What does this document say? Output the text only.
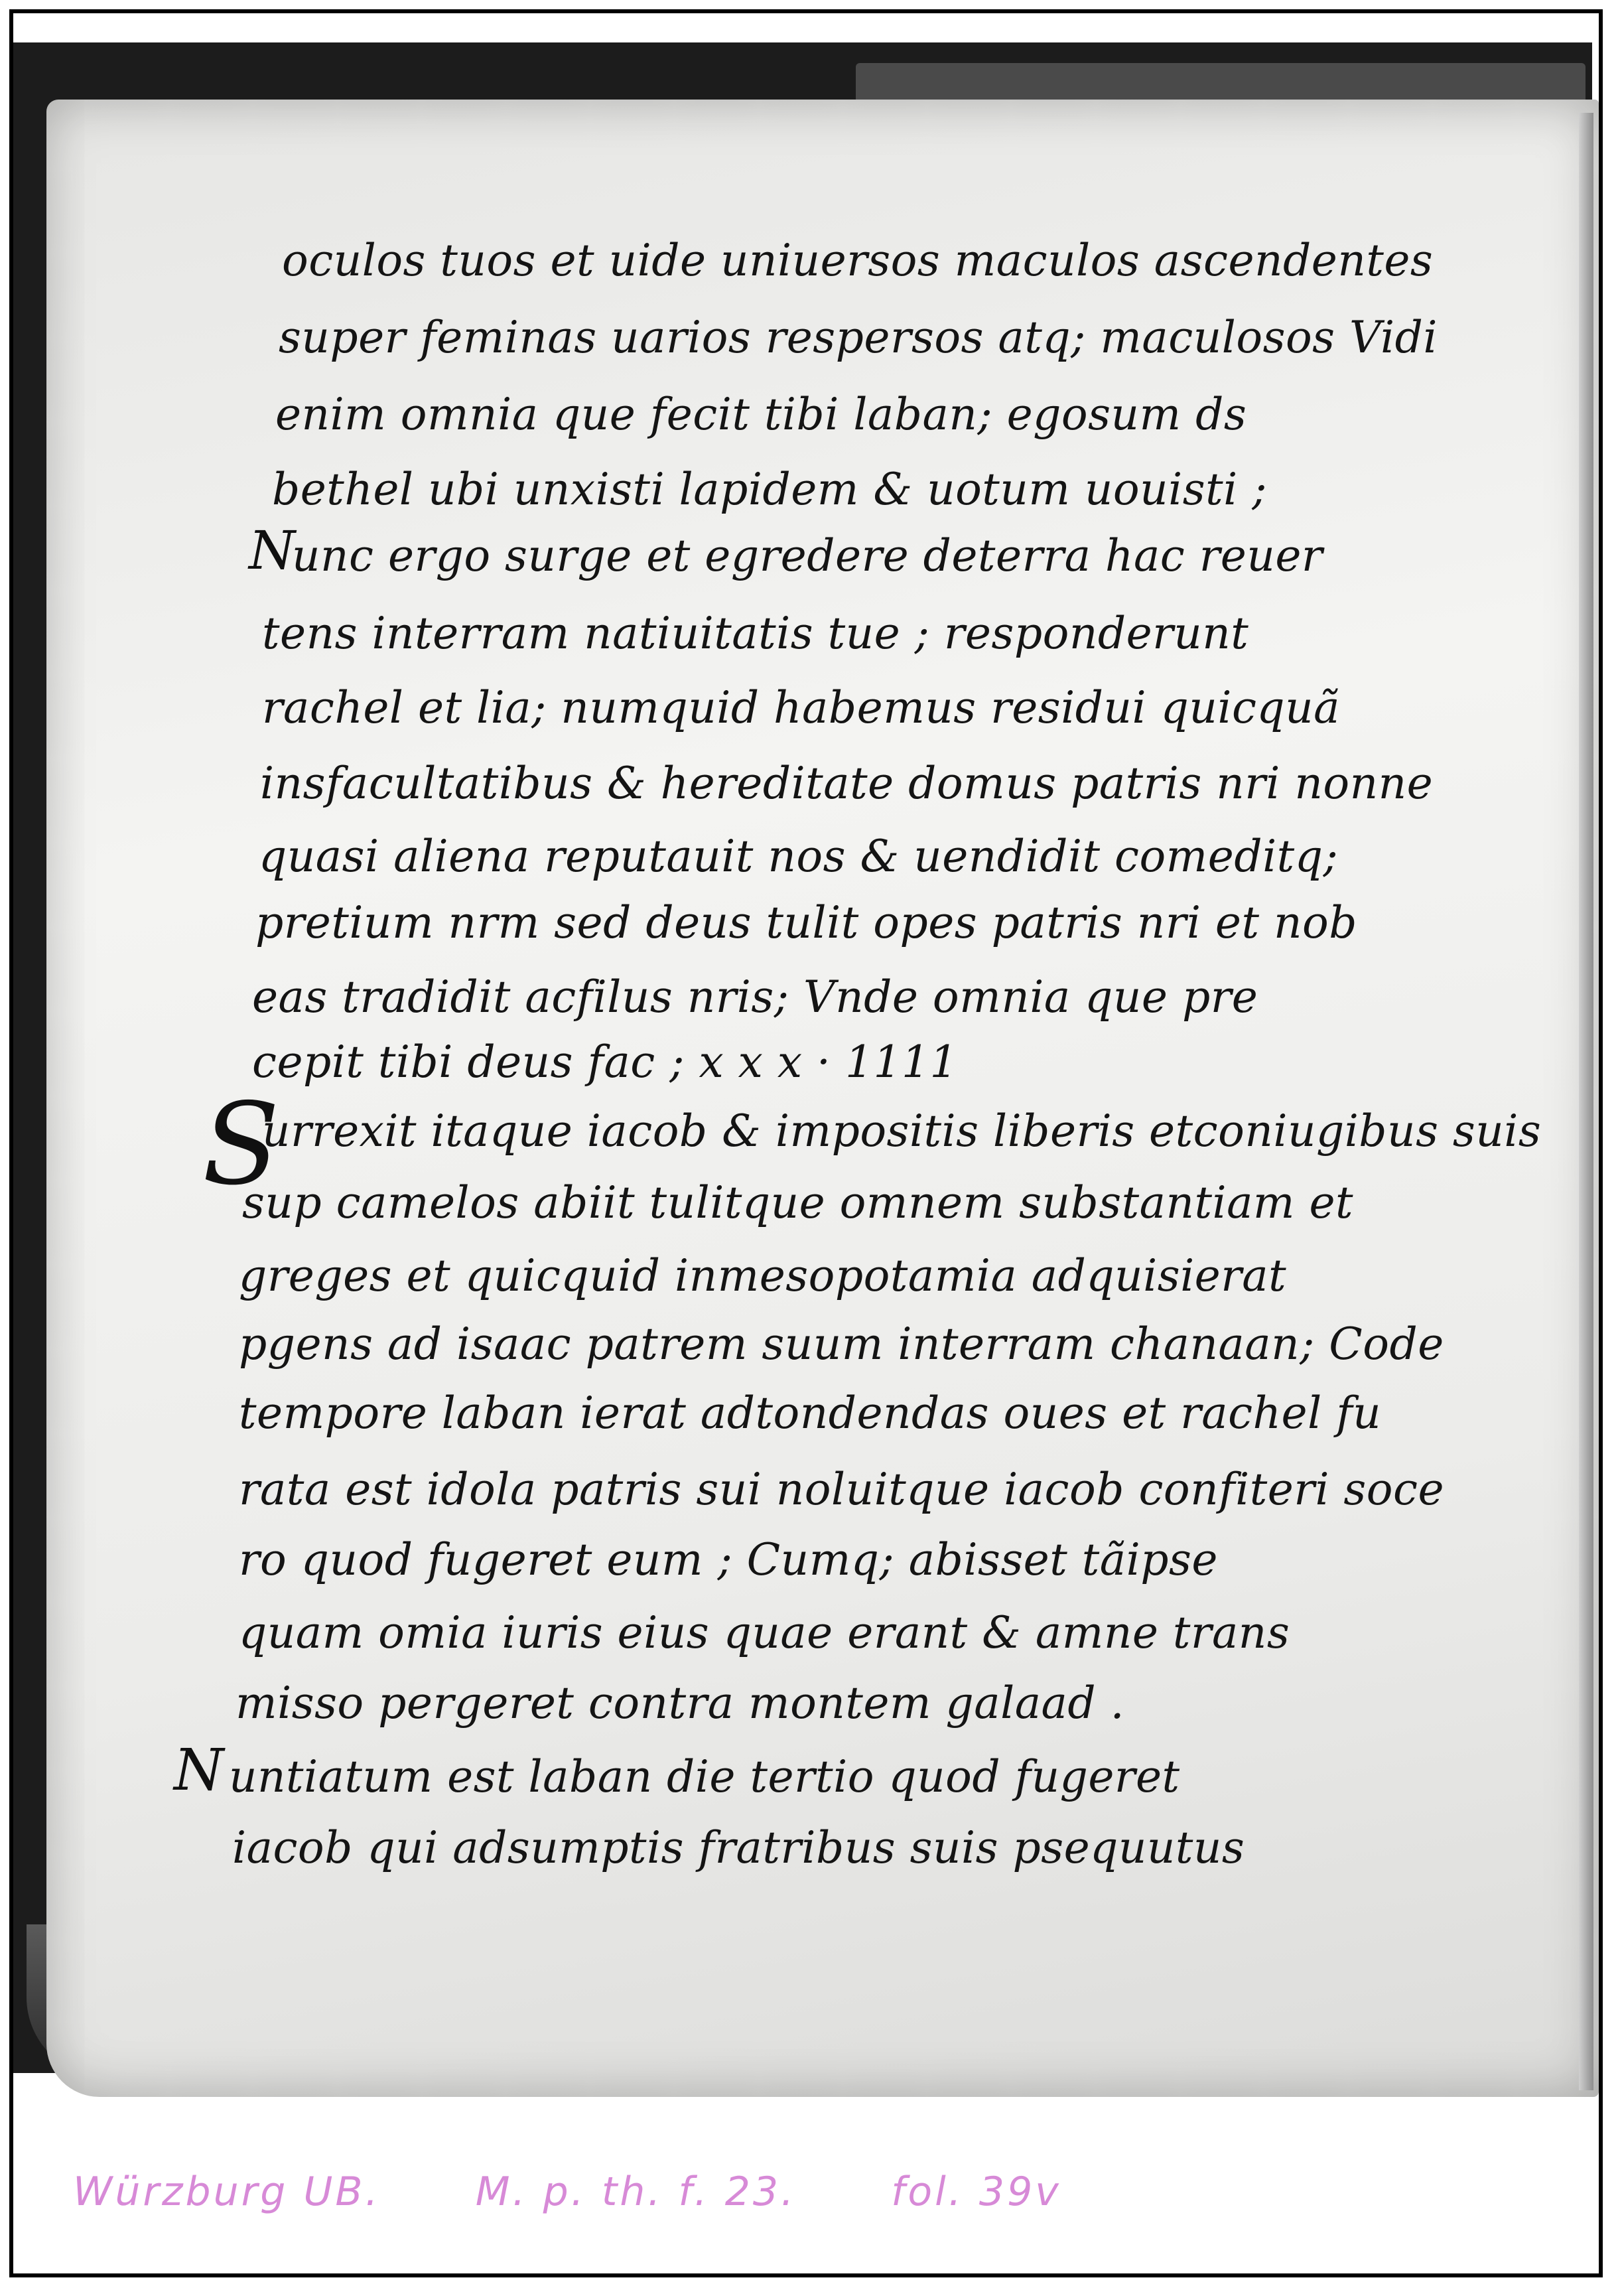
oculos tuos et uide uniuersos maculos ascendentes
super feminas uarios respersos atq; maculosos Vidi
enim omnia que fecit tibi laban; egosum ds
bethel ubi unxisti lapidem & uotum uouisti ;
N
unc ergo surge et egredere deterra hac reuer
tens interram natiuitatis tue ; responderunt
rachel et lia; numquid habemus residui quicquã
insfacultatibus & hereditate domus patris nri nonne
quasi aliena reputauit nos & uendidit comeditq;
pretium nrm sed deus tulit opes patris nri et nob
eas tradidit acfilus nris; Vnde omnia que pre
cepit tibi deus fac ; x x x · 1111
S
urrexit itaque iacob & impositis liberis etconiugibus suis
sup camelos abiit tulitque omnem substantiam et
greges et quicquid inmesopotamia adquisierat
pgens ad isaac patrem suum interram chanaan; Code
tempore laban ierat adtondendas oues et rachel fu
rata est idola patris sui noluitque iacob confiteri soce
ro quod fugeret eum ; Cumq; abisset tãipse
quam omia iuris eius quae erant & amne trans
misso pergeret contra montem galaad .
N untiatum est laban die tertio quod fugeret
iacob qui adsumptis fratribus suis psequutus
Würzburg UB. M. p. th. f. 23. fol. 39v
